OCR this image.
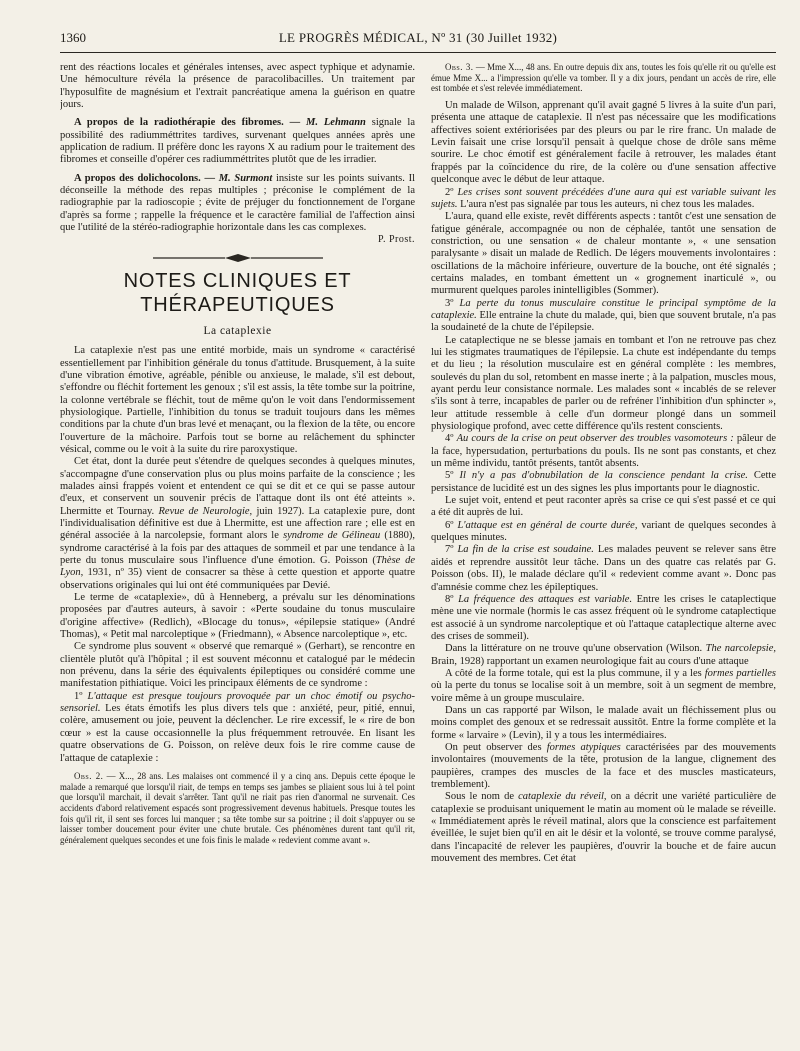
1360	LE PROGRÈS MÉDICAL, Nº 31 (30 Juillet 1932)

rent des réactions locales et générales intenses, avec aspect typhique et adynamie. Une hémoculture révéla la présence de paracolibacilles. Un traitement par l'hyposulfite de magnésium et l'extrait pancréatique amena la guérison en quatre jours.

A propos de la radiothérapie des fibromes. — M. Lehmann signale la possibilité des radiumméttrites tardives, survenant quelques années après une application de radium. Il préfère donc les rayons X au radium pour le traitement des fibromes et conseille d'opérer ces radiumméttrites plutôt que de les irradier.

A propos des dolichocolons. — M. Surmont insiste sur les points suivants. Il déconseille la méthode des repas multiples ; préconise le complément de la radiographie par la radioscopie ; évite de préjuger du fonctionnement de l'organe d'après sa forme ; rappelle la fréquence et le caractère familial de l'affection ainsi que l'utilité de la stéréo-radiographie horizontale dans les cas complexes.

P. Prost.

NOTES CLINIQUES ET THÉRAPEUTIQUES
La cataplexie

La cataplexie n'est pas une entité morbide, mais un syndrome « caractérisé essentiellement par l'inhibition générale du tonus d'attitude. Brusquement, à la suite d'une vibration émotive, agréable, pénible ou anxieuse, le malade, s'il est debout, s'effondre ou fléchit fortement les genoux ; s'il est assis, la tête tombe sur la poitrine, la colonne vertébrale se fléchit, tout de même qu'on le voit dans l'endormissement physiologique. Partielle, l'inhibition du tonus se traduit toujours dans les mêmes conditions par la chute d'un bras levé et menaçant, ou la flexion de la tête, ou encore l'ouverture de la mâchoire. Parfois tout se borne au relâchement du sphincter vésical, comme ou le voit à la suite du rire paroxystique.

Cet état, dont la durée peut s'étendre de quelques secondes à quelques minutes, s'accompagne d'une conservation plus ou plus moins parfaite de la conscience ; les malades ainsi frappés voient et entendent ce qui se dit et ce qui se passe autour d'eux, et conservent un souvenir précis de l'attaque dont ils ont été atteints ». Lhermitte et Tournay. Revue de Neurologie, juin 1927). La cataplexie pure, dont l'individualisation définitive est due à Lhermitte, est une affection rare ; elle est en général associée à la narcolepsie, formant alors le syndrome de Gélineau (1880), syndrome caractérisé à la fois par des attaques de sommeil et par une tendance à la perte du tonus musculaire sous l'influence d'une émotion. G. Poisson (Thèse de Lyon, 1931, nº 35) vient de consacrer sa thèse à cette question et apporte quatre observations originales qui lui ont été communiquées par Devié.

Le terme de «cataplexie», dû à Henneberg, a prévalu sur les dénominations proposées par d'autres auteurs, à savoir : «Perte soudaine du tonus musculaire d'origine affective» (Redlich), «Blocage du tonus», «épilepsie statique» (André Thomas), « Petit mal narcoleptique » (Friedmann), « Absence narcoleptique », etc.

Ce syndrome plus souvent « observé que remarqué » (Gerhart), se rencontre en clientèle plutôt qu'à l'hôpital ; il est souvent méconnu et catalogué par le médecin non prévenu, dans la série des équivalents épileptiques ou considéré comme une manifestation pithiatique. Voici les principaux éléments de ce syndrome :

1º L'attaque est presque toujours provoquée par un choc émotif ou psycho-sensoriel. Les états émotifs les plus divers tels que : anxiété, peur, pitié, ennui, colère, amusement ou joie, peuvent la déclencher. Le rire excessif, le « rire de bon cœur » est la cause occasionnelle la plus fréquemment retrouvée. En lisant les quatre observations de G. Poisson, on relève deux fois le rire comme cause de l'attaque de cataplexie :

Obs. 2. — X..., 28 ans. Les malaises ont commencé il y a cinq ans. Depuis cette époque le malade a remarqué que lorsqu'il riait, de temps en temps ses jambes se pliaient sous lui à tel point que lorsqu'il marchait, il devait s'arrêter. Tant qu'il ne riait pas rien d'anormal ne survenait. Ces accidents d'abord relativement espacés sont progressivement devenus habituels. Presque toutes les fois qu'il rit, il sent ses forces lui manquer ; sa tête tombe sur sa poitrine ; il doit s'appuyer ou se laisser tomber doucement pour éviter une chute brutale. Ces phénomènes durent tant qu'il rit, généralement quelques secondes et une fois finis le malade « redevient comme avant ».

Obs. 3. — Mme X..., 48 ans. En outre depuis dix ans, toutes les fois qu'elle rit ou qu'elle est émue Mme X... a l'impression qu'elle va tomber. Il y a dix jours, pendant un accès de rire, elle est tombée et s'est relevée immédiatement.

Un malade de Wilson, apprenant qu'il avait gagné 5 livres à la suite d'un pari, présenta une attaque de cataplexie. Il n'est pas nécessaire que les modifications affectives soient extériorisées par des pleurs ou par le rire franc. Un malade de Levin faisait une crise lorsqu'il pensait à quelque chose de drôle sans même sourire. Le choc émotif est généralement facile à retrouver, les malades étant frappés par la coïncidence du rire, de la colère ou d'une sensation affective quelconque avec le début de leur attaque.

2º Les crises sont souvent précédées d'une aura qui est variable suivant les sujets. L'aura n'est pas signalée par tous les auteurs, ni chez tous les malades.

L'aura, quand elle existe, revêt différents aspects : tantôt c'est une sensation de fatigue générale, accompagnée ou non de céphalée, tantôt une sensation de constriction, ou une sensation « de chaleur montante », « une sensation paralysante » disait un malade de Redlich. De légers mouvements involontaires : oscillations de la mâchoire inférieure, ouverture de la bouche, ont été signalés ; certains malades, en tombant émettent un « grognement inarticulé », ou murmurent quelques paroles inintelligibles (Sommer).

3º La perte du tonus musculaire constitue le principal symptôme de la cataplexie. Elle entraine la chute du malade, qui, bien que souvent brutale, n'a pas la soudaineté de la chute de l'épilepsie.

Le cataplectique ne se blesse jamais en tombant et l'on ne retrouve pas chez lui les stigmates traumatiques de l'épilepsie. La chute est indépendante du temps et du lieu ; la résolution musculaire est en général complète : les membres, soulevés du plan du sol, retombent en masse inerte ; à la palpation, muscles mous, ayant perdu leur consistance normale. Les malades sont « incablés de se relever s'ils sont à terre, incapables de parler ou de refréner l'inhibition d'un sphincter », leur attitude ressemble à celle d'un dormeur plongé dans un sommeil physiologique profond, avec cette différence qu'ils restent conscients.

4º Au cours de la crise on peut observer des troubles vasomoteurs : pâleur de la face, hypersudation, perturbations du pouls. Ils ne sont pas constants, et chez un même individu, tantôt présents, tantôt absents.

5º Il n'y a pas d'obnubilation de la conscience pendant la crise. Cette persistance de lucidité est un des signes les plus importants pour le diagnostic.

Le sujet voit, entend et peut raconter après sa crise ce qui s'est passé et ce qui a été dit auprès de lui.

6º L'attaque est en général de courte durée, variant de quelques secondes à quelques minutes.

7º La fin de la crise est soudaine. Les malades peuvent se relever sans être aidés et reprendre aussitôt leur tâche. Dans un des quatre cas relatés par G. Poisson (obs. II), le malade déclare qu'il « redevient comme avant ». Donc pas d'amnésie comme chez les épileptiques.

8º La fréquence des attaques est variable. Entre les crises le cataplectique mène une vie normale (hormis le cas assez fréquent où le syndrome cataplectique est associé à un syndrome narcoleptique et où l'attaque cataplectique alterne avec des crises de sommeil).

Dans la littérature on ne trouve qu'une observation (Wilson. The narcolepsie, Brain, 1928) rapportant un examen neurologique fait au cours d'une attaque

A côté de la forme totale, qui est la plus commune, il y a les formes partielles où la perte du tonus se localise soit à un membre, soit à un segment de membre, voire même à un groupe musculaire.

Dans un cas rapporté par Wilson, le malade avait un fléchissement plus ou moins complet des genoux et se redressait aussitôt. Entre la forme complète et la forme « larvaire » (Levin), il y a tous les intermédiaires.

On peut observer des formes atypiques caractérisées par des mouvements involontaires (mouvements de la tête, protusion de la langue, clignement des paupières, crampes des muscles de la face et des muscles masticateurs, tremblement).

Sous le nom de cataplexie du réveil, on a décrit une variété particulière de cataplexie se produisant uniquement le matin au moment où le malade se réveille. « Immédiatement après le réveil matinal, alors que la conscience est parfaitement éveillée, le sujet bien qu'il en ait le désir et la volonté, se trouve comme paralysé, dans l'incapacité de relever les paupières, d'ouvrir la bouche et de faire aucun mouvement des membres. Cet état
